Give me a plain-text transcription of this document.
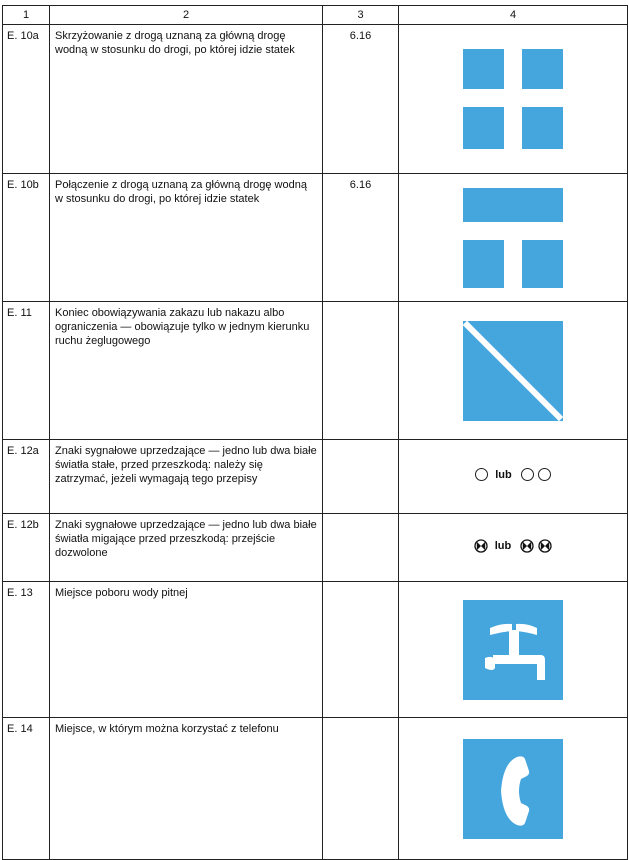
1	2	3	4
E. 10a	Skrzyżowanie z drogą uznaną za główną drogę wodną w stosunku do drogi, po której idzie statek	6.16	

E. 10b	Połączenie z drogą uznaną za główną drogę wodną w stosunku do drogi, po której idzie statek	6.16	

E. 11	Koniec obowiązywania zakazu lub nakazu albo ograniczenia — obowiązuje tylko w jednym kierunku ruchu żeglugowego		

E. 12a	Znaki sygnałowe uprzedzające — jedno lub dwa białe światła stałe, przed przeszkodą: należy się zatrzymać, jeżeli wymagają tego przepisy		lub

E. 12b	Znaki sygnałowe uprzedzające — jedno lub dwa białe światła migające przed przeszkodą: przejście dozwolone		lub

E. 13	Miejsce poboru wody pitnej		

E. 14	Miejsce, w którym można korzystać z telefonu		
